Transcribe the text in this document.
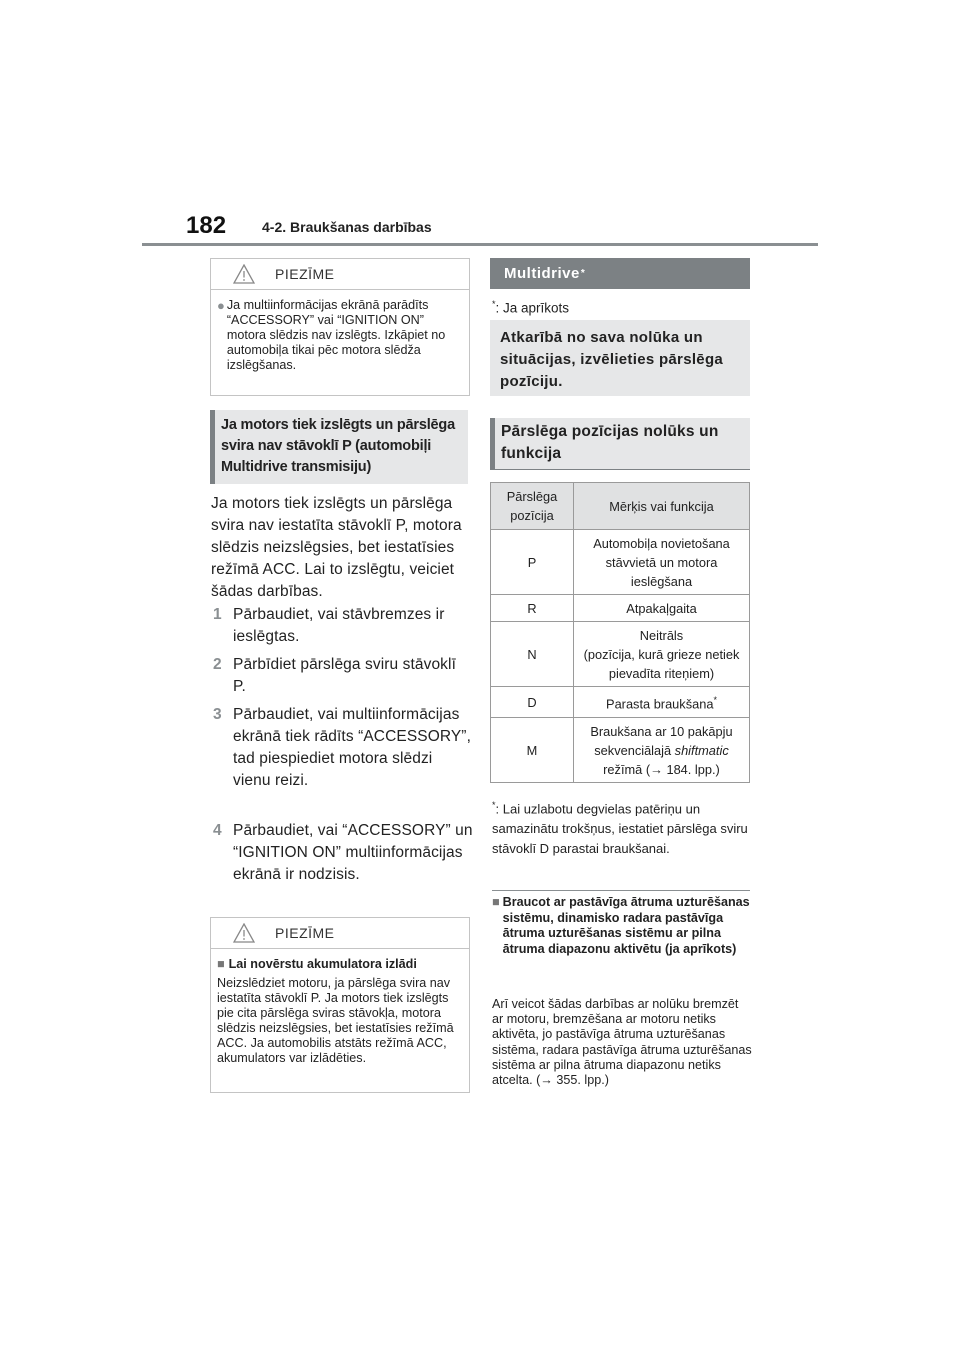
182	4-2. Braukšanas darbības
PIEZĪME
● Ja multiinformācijas ekrānā parādīts “ACCESSORY” vai “IGNITION ON” motora slēdzis nav izslēgts. Izkāpiet no automobiļa tikai pēc motora slēdža izslēgšanas.
Ja motors tiek izslēgts un pārslēga svira nav stāvoklī P (automobiļi Multidrive transmisiju)
Ja motors tiek izslēgts un pārslēga svira nav iestatīta stāvoklī P, motora slēdzis neizslēgsies, bet iestatīsies režīmā ACC. Lai to izslēgtu, veiciet šādas darbības.
1 Pārbaudiet, vai stāvbremzes ir ieslēgtas.
2 Pārbīdiet pārslēga sviru stāvoklī P.
3 Pārbaudiet, vai multiinformācijas ekrānā tiek rādīts “ACCESSORY”, tad piespiediet motora slēdzi vienu reizi.
4 Pārbaudiet, vai “ACCESSORY” un “IGNITION ON” multiinformācijas ekrānā ir nodzisis.
PIEZĪME
■ Lai novērstu akumulatora izlādi
Neizslēdziet motoru, ja pārslēga svira nav iestatīta stāvoklī P. Ja motors tiek izslēgts pie cita pārslēga sviras stāvokļa, motora slēdzis neizslēgsies, bet iestatīsies režīmā ACC. Ja automobilis atstāts režīmā ACC, akumulators var izlādēties.
Multidrive *
*: Ja aprīkots
Atkarībā no sava nolūka un situācijas, izvēlieties pārslēga pozīciju.
Pārslēga pozīcijas nolūks un funkcija
Pārslēga pozīcija	Mērķis vai funkcija
P	Automobiļa novietošana stāvvietā un motora ieslēgšana
R	Atpakaļgaita
N	Neitrāls
(pozīcija, kurā grieze netiek pievadīta riteņiem)
D	Parasta braukšana*
M	Braukšana ar 10 pakāpju sekvenciālajā shiftmatic režīmā (→ 184. lpp.)
*: Lai uzlabotu degvielas patēriņu un samazinātu trokšņus, iestatiet pārslēga sviru stāvoklī D parastai braukšanai.
■ Braucot ar pastāvīga ātruma uzturēšanas sistēmu, dinamisko radara pastāvīga ātruma uzturēšanas sistēmu ar pilna ātruma diapazonu aktivētu (ja aprīkots)
Arī veicot šādas darbības ar nolūku bremzēt ar motoru, bremzēšana ar motoru netiks aktivēta, jo pastāvīga ātruma uzturēšanas sistēma, radara pastāvīga ātruma uzturēšanas sistēma ar pilna ātruma diapazonu netiks atcelta. (→ 355. lpp.)
